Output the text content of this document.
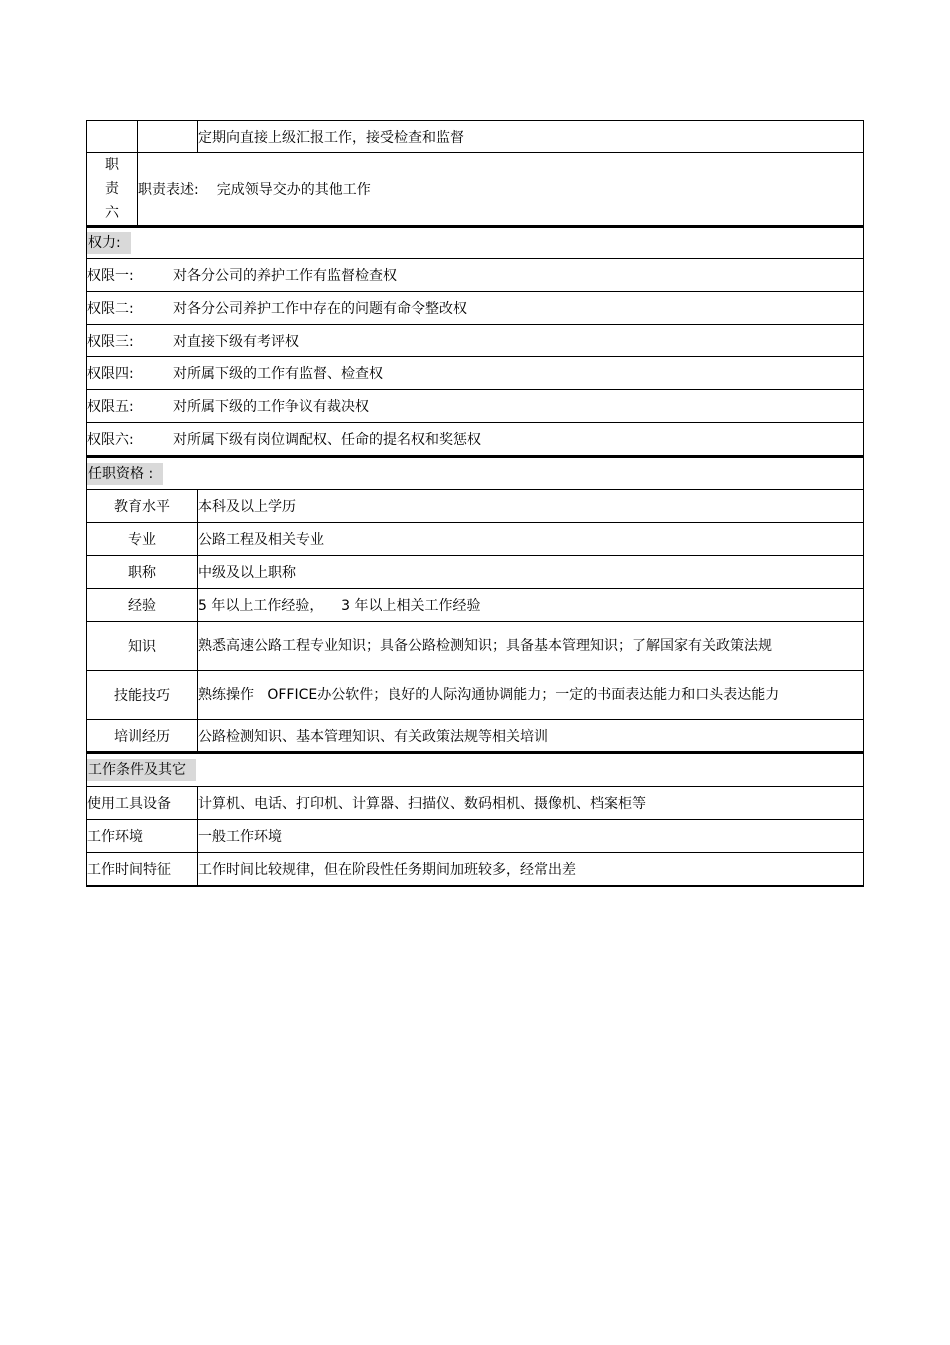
定期向直接上级汇报工作，接受检查和监督
职
责
六
职责表述: 完成领导交办的其他工作
权力:
权限一:	对各分公司的养护工作有监督检查权
权限二:	对各分公司养护工作中存在的问题有命令整改权
权限三:	对直接下级有考评权
权限四:	对所属下级的工作有监督、检查权
权限五:	对所属下级的工作争议有裁决权
权限六:	对所属下级有岗位调配权、任命的提名权和奖惩权
任职资格 :
教育水平 本科及以上学历
专业	公路工程及相关专业
职称	中级及以上职称
经验	5 年以上工作经验，    3 年以上相关工作经验
知识	熟悉高速公路工程专业知识；具备公路检测知识；具备基本管理知识；了解国家有关政策法规
技能技巧 熟练操作   OFFICE办公软件；良好的人际沟通协调能力；一定的书面表达能力和口头表达能力
培训经历 公路检测知识、基本管理知识、有关政策法规等相关培训
工作条件及其它
使用工具设备 计算机、电话、打印机、计算器、扫描仪、数码相机、摄像机、档案柜等
工作环境	一般工作环境
工作时间特征 工作时间比较规律，但在阶段性任务期间加班较多，经常出差
